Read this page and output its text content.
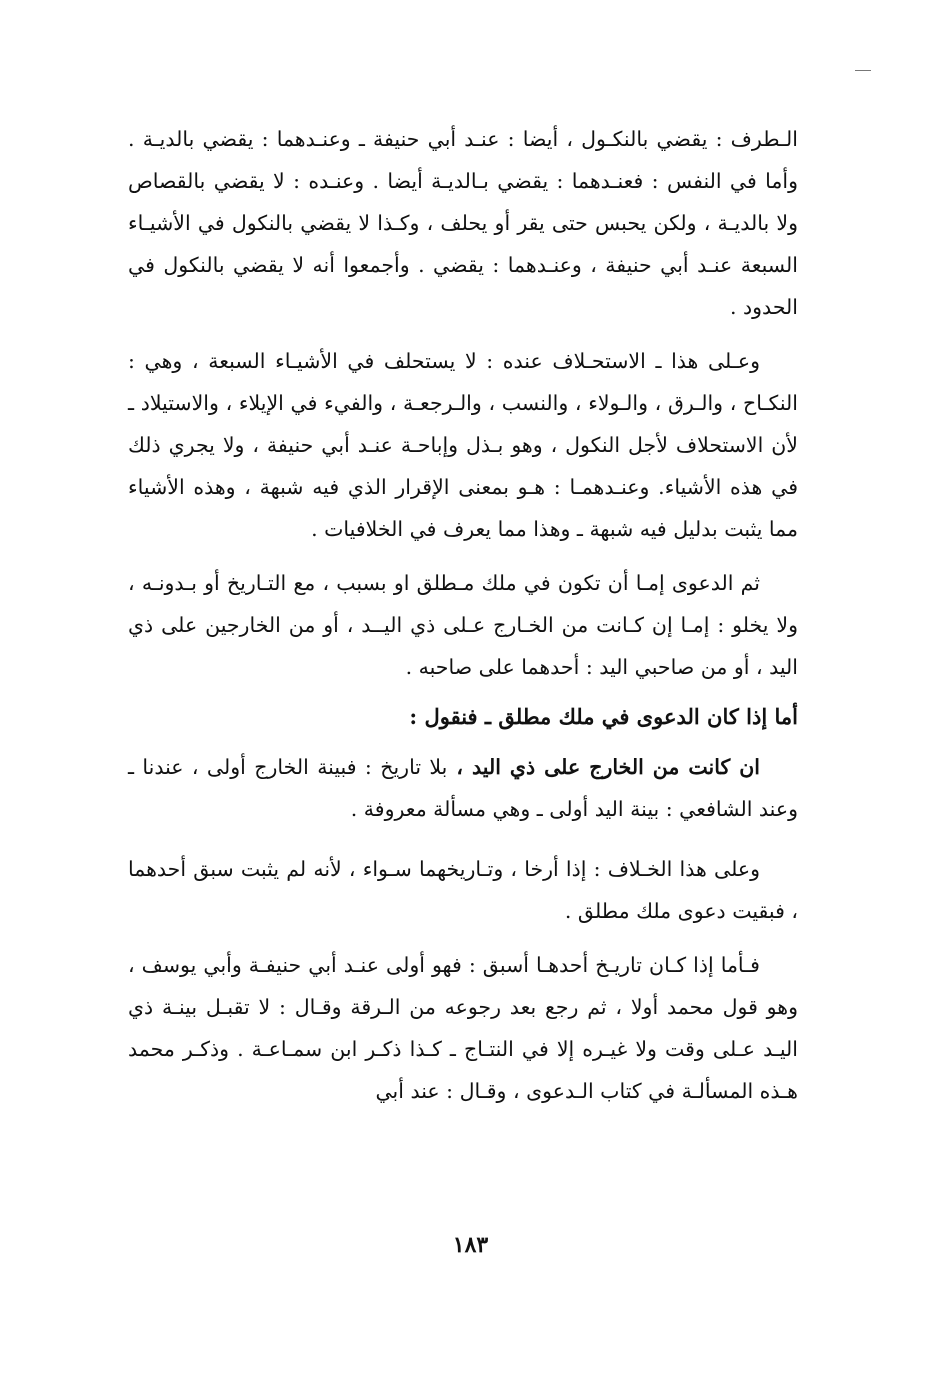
الـطرف : يقضي بالنكـول ، أيضا : عنـد أبي حنيفة ـ وعنـدهما : يقضي بالديـة . وأما في النفس : فعنـدهما : يقضي بـالديـة أيضا . وعنـده : لا يقضي بالقصاص ولا بالديـة ، ولكن يحبس حتى يقر أو يحلف ، وكـذا لا يقضي بالنكول في الأشيـاء السبعة عنـد أبي حنيفة ، وعنـدهما : يقضي . وأجمعوا أنه لا يقضي بالنكول في الحدود .

وعـلى هذا ـ الاستحـلاف عنده : لا يستحلف في الأشيـاء السبعة ، وهي : النكـاح ، والـرق ، والـولاء ، والنسب ، والـرجعـة ، والفيء في الإيلاء ، والاستيلاد ـ لأن الاستحلاف لأجل النكول ، وهو بـذل وإباحـة عنـد أبي حنيفة ، ولا يجري ذلك في هذه الأشياء. وعنـدهمـا : هـو بمعنى الإقرار الذي فيه شبهة ، وهذه الأشياء مما يثبت بدليل فيه شبهة ـ وهذا مما يعرف في الخلافيات .

ثم الدعوى إمـا أن تكون في ملك مـطلق او بسبب ، مع التـاريخ أو بـدونـه ، ولا يخلو : إمـا إن كـانت من الخـارج عـلى ذي اليــد ، أو من الخارجين على ذي اليد ، أو من صاحبي اليد : أحدهما على صاحبه .

أما إذا كان الدعوى في ملك مطلق ـ فنقول :

ان كانت من الخارج على ذي اليد ، بلا تاريخ : فبينة الخارج أولى ، عندنا ـ وعند الشافعي : بينة اليد أولى ـ وهي مسألة معروفة .

وعلى هذا الخـلاف : إذا أرخا ، وتـاريخهما سـواء ، لأنه لم يثبت سبق أحدهما ، فبقيت دعوى ملك مطلق .

فـأما إذا كـان تاريـخ أحدهـا أسبق : فهو أولى عنـد أبي حنيفـة وأبي يوسف ، وهو قول محمد أولا ، ثم رجع بعد رجوعه من الـرقة وقـال : لا تقبـل بينـة ذي اليـد عـلى وقت ولا غيـره إلا في النتـاج ـ كـذا ذكـر ابن سمـاعـة . وذكـر محمد هـذه المسألـة في كتاب الـدعوى ، وقـال : عند أبي

١٨٣
